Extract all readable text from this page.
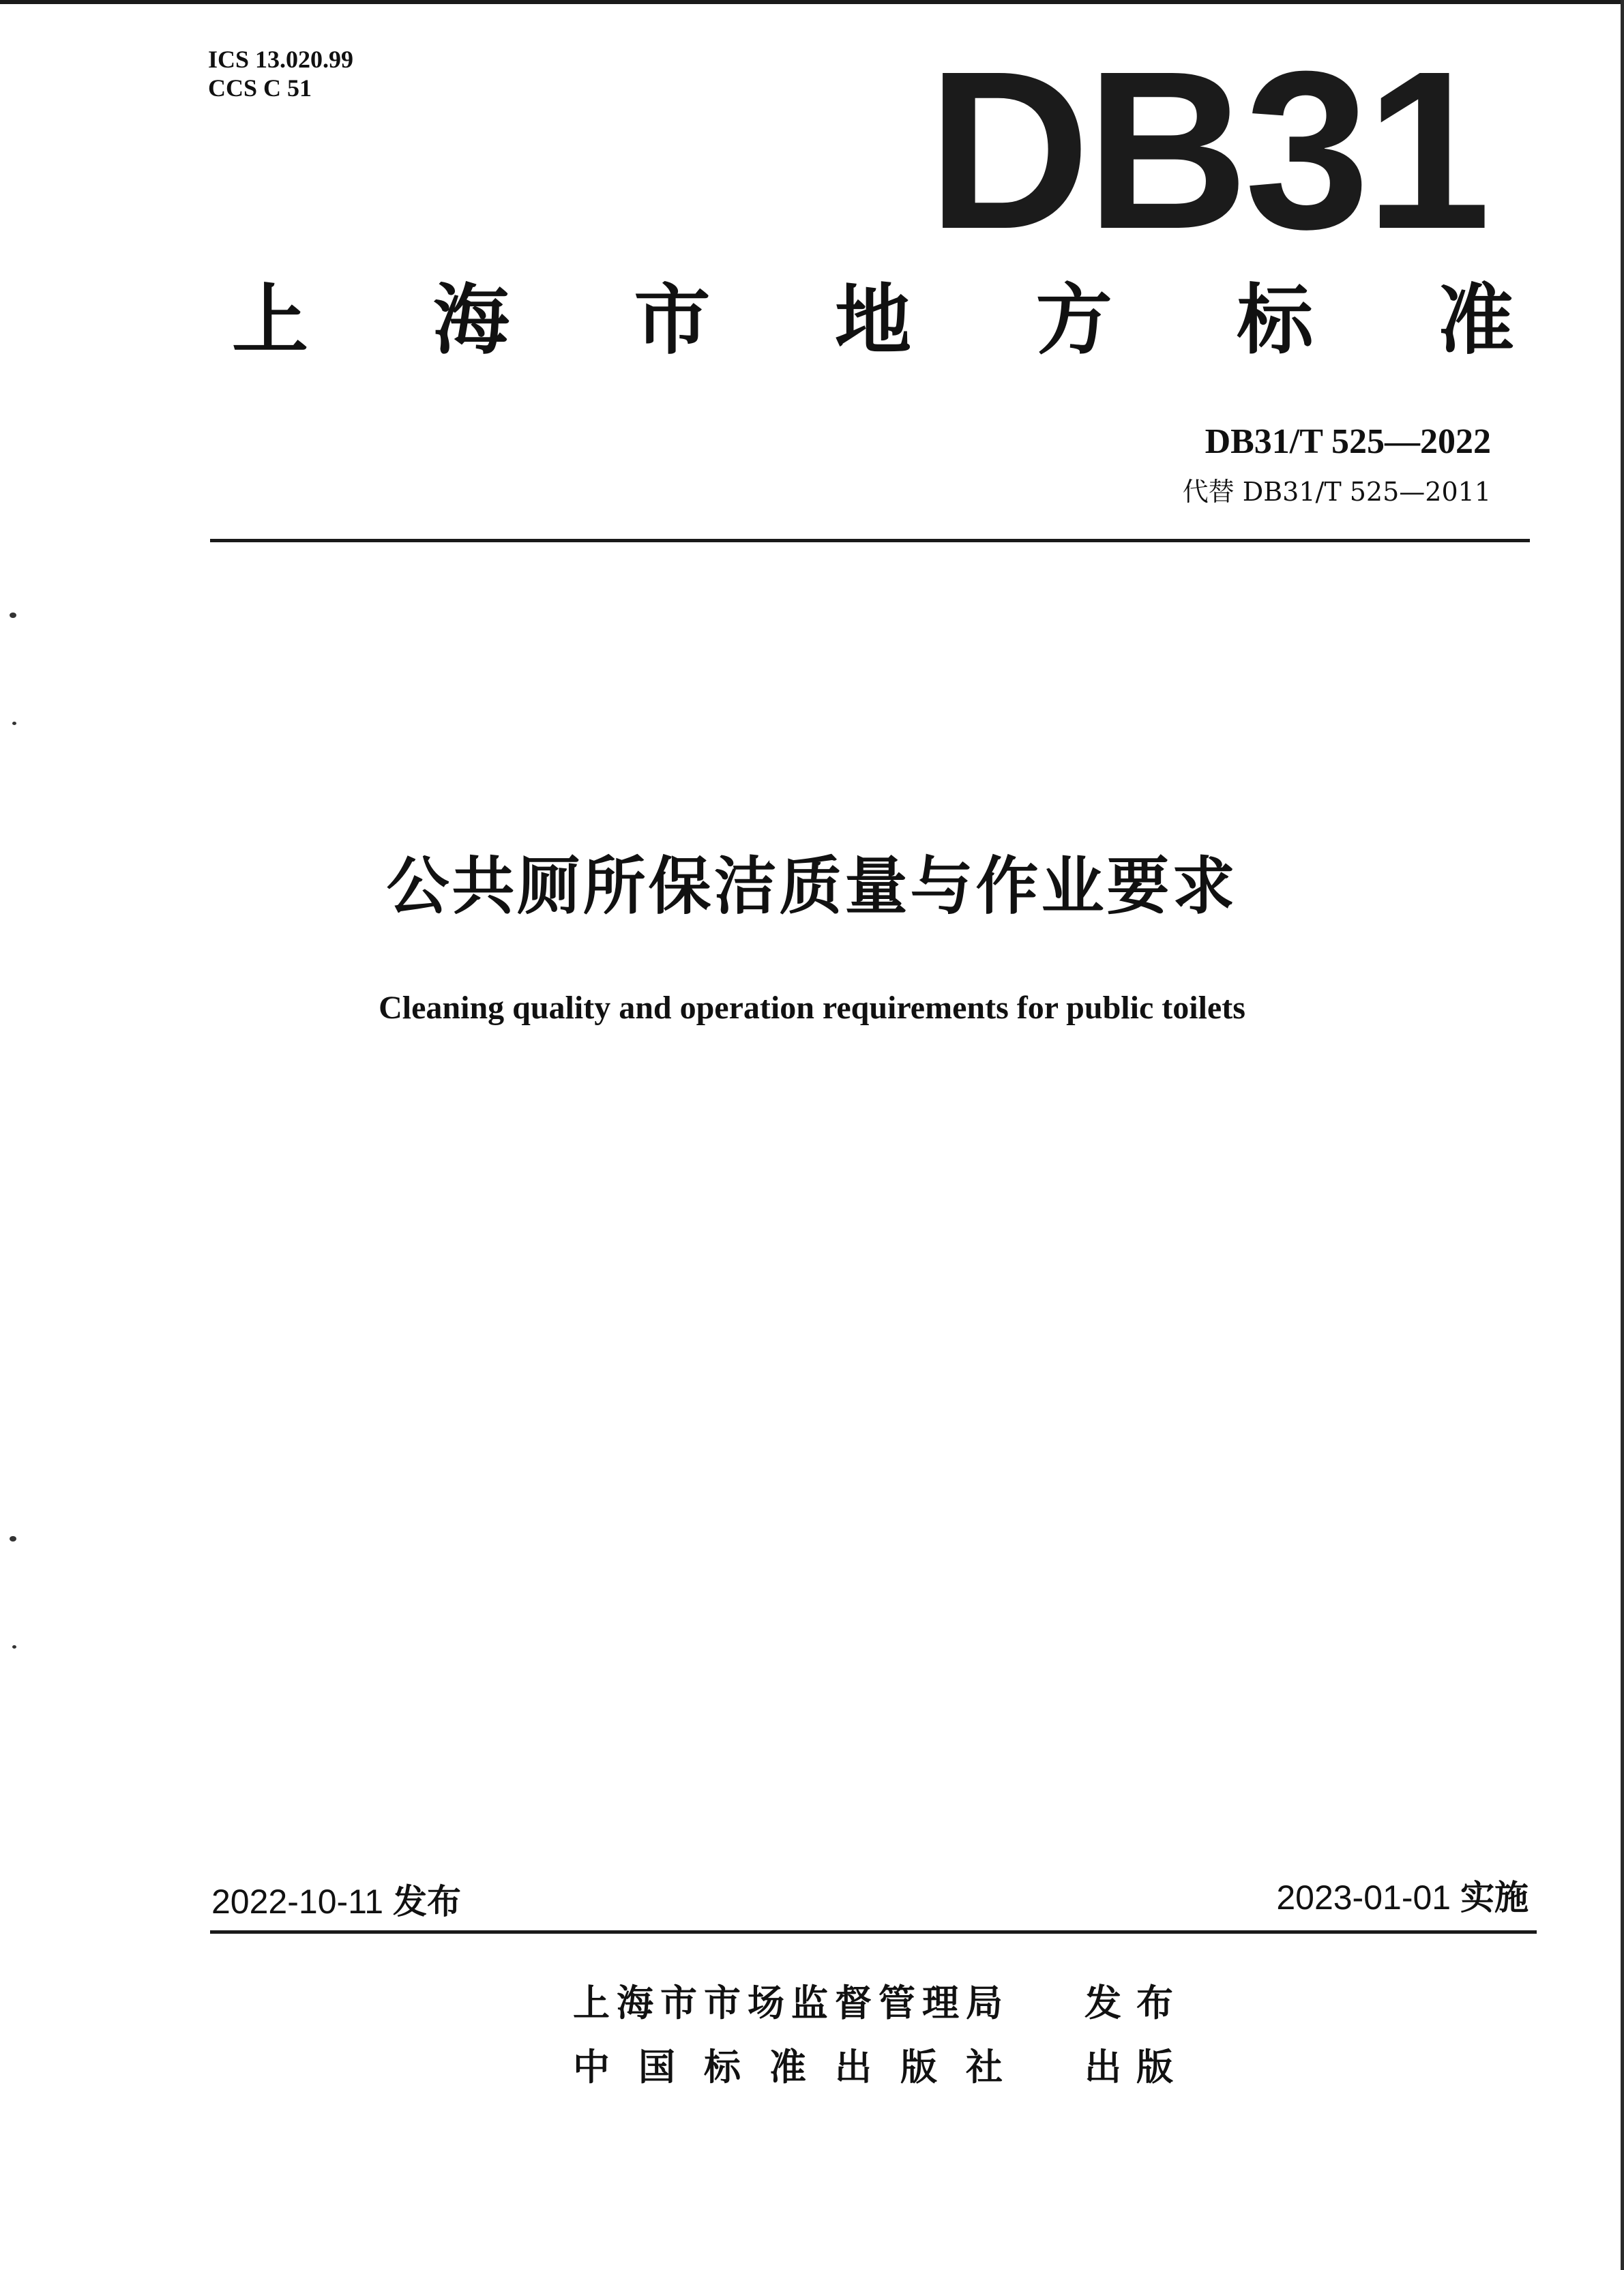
ICS 13.020.99
CCS C 51	DB31
上 海 市 地 方 标 准
DB31/T 525—2022
代替 DB31/T 525—2011
公共厕所保洁质量与作业要求
Cleaning quality and operation requirements for public toilets
2022-10-11 发布	2023-01-01 实施
上 海 市 市 场 监 督 管 理 局 发 布
中 国 标 准 出 版 社 出 版
